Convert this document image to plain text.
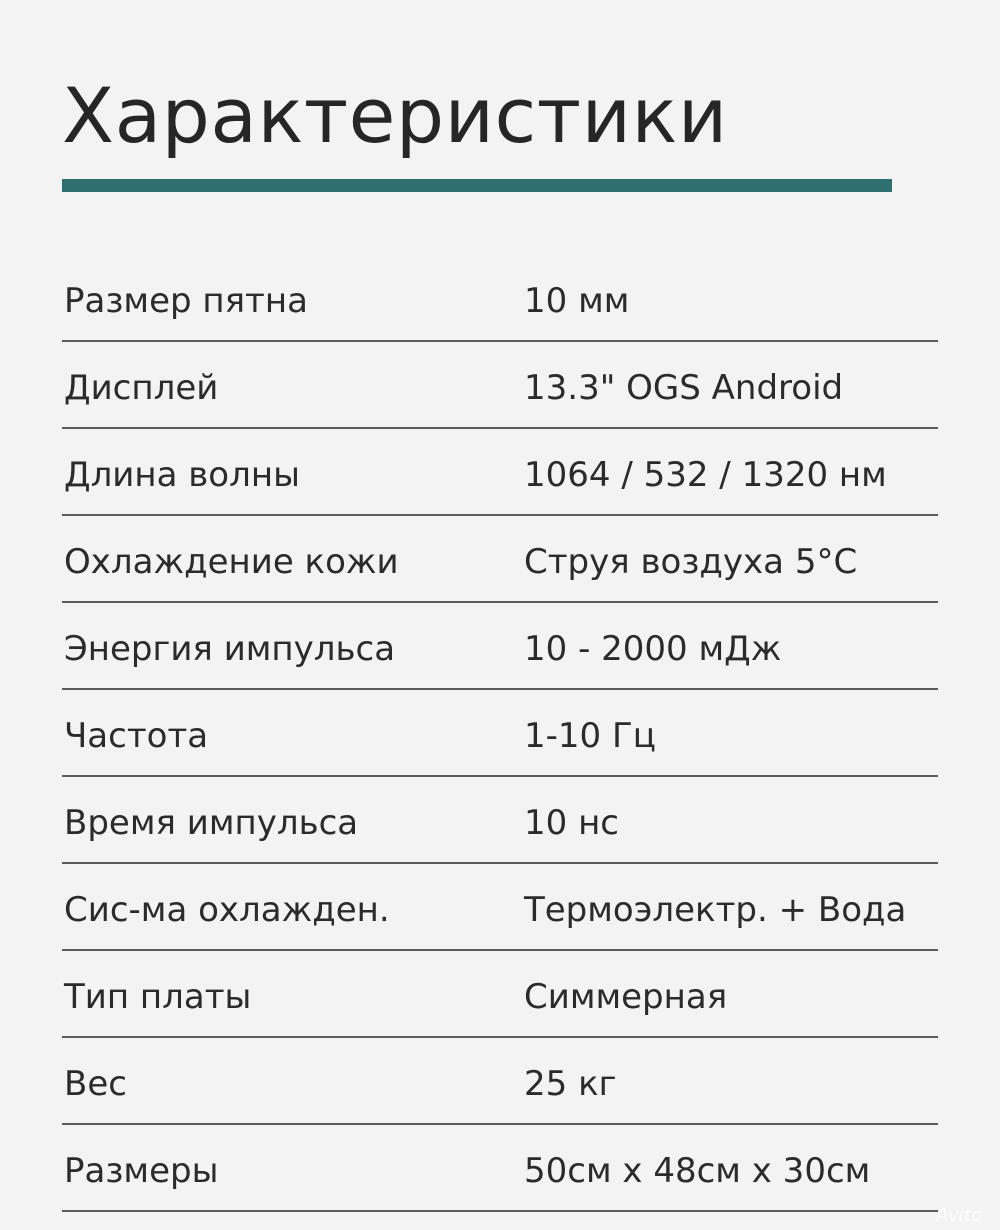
Характеристики
Размер пятна	10 мм
Дисплей	13.3" OGS Android
Длина волны	1064 / 532 / 1320 нм
Охлаждение кожи	Струя воздуха 5°C
Энергия импульса	10 - 2000 мДж
Частота	1-10 Гц
Время импульса	10 нс
Сис-ма охлажден.	Термоэлектр. + Вода
Тип платы	Симмерная
Вес	25 кг
Размеры	50см x 48см x 30см
Avito
